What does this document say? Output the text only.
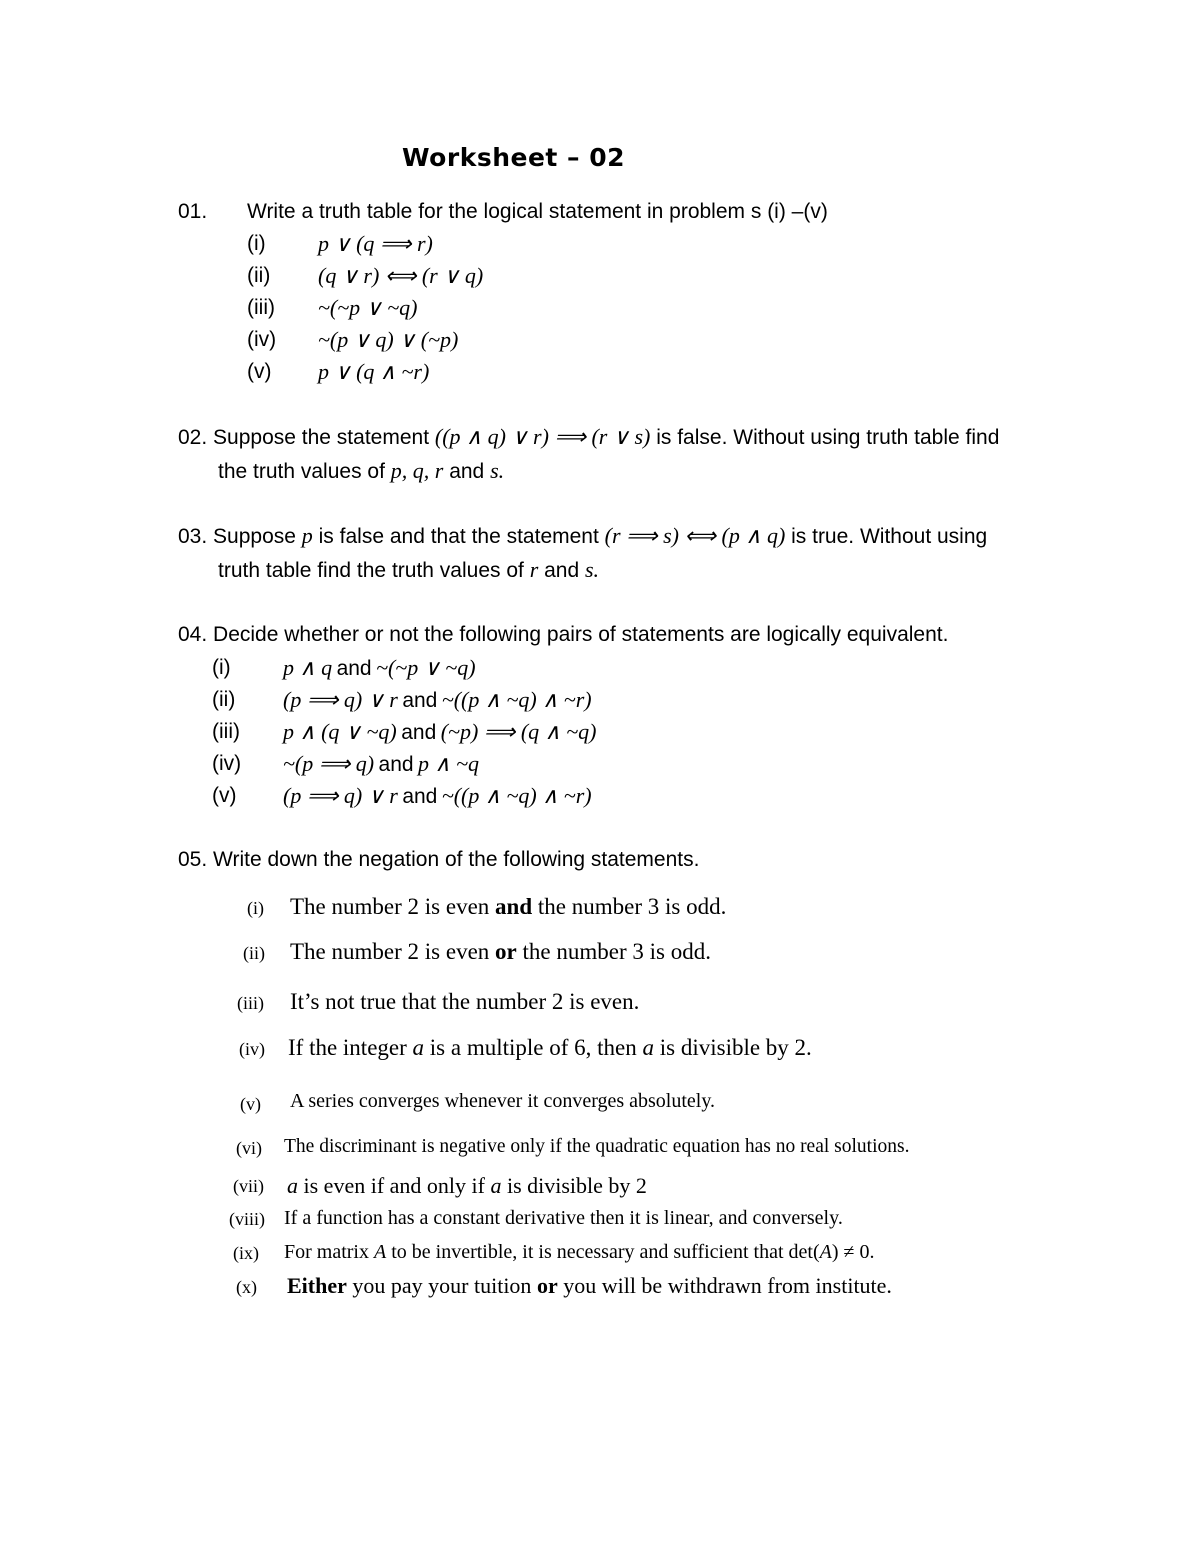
Worksheet – 02
01. Write a truth table for the logical statement in problem s (i) –(v)
(i) p ∨ (q ⟹ r)
(ii) (q ∨ r) ⟺ (r ∨ q)
(iii) ~(~p ∨ ~q)
(iv) ~(p ∨ q) ∨ (~p)
(v) p ∨ (q ∧ ~r)
02. Suppose the statement ((p ∧ q) ∨ r) ⟹ (r ∨ s) is false. Without using truth table find
the truth values of p, q, r and s.
03. Suppose p is false and that the statement (r ⟹ s) ⟺ (p ∧ q) is true. Without using
truth table find the truth values of r and s.
04. Decide whether or not the following pairs of statements are logically equivalent.
(i) p ∧ q and ~(~p ∨ ~q)
(ii) (p ⟹ q) ∨ r and ~((p ∧ ~q) ∧ ~r)
(iii) p ∧ (q ∨ ~q) and (~p) ⟹ (q ∧ ~q)
(iv) ~(p ⟹ q) and p ∧ ~q
(v) (p ⟹ q) ∨ r and ~((p ∧ ~q) ∧ ~r)
05. Write down the negation of the following statements.
(i) The number 2 is even and the number 3 is odd.
(ii) The number 2 is even or the number 3 is odd.
(iii) It’s not true that the number 2 is even.
(iv) If the integer a is a multiple of 6, then a is divisible by 2.
(v) A series converges whenever it converges absolutely.
(vi) The discriminant is negative only if the quadratic equation has no real solutions.
(vii) a is even if and only if a is divisible by 2
(viii) If a function has a constant derivative then it is linear, and conversely.
(ix) For matrix A to be invertible, it is necessary and sufficient that det(A) ≠ 0.
(x) Either you pay your tuition or you will be withdrawn from institute.
